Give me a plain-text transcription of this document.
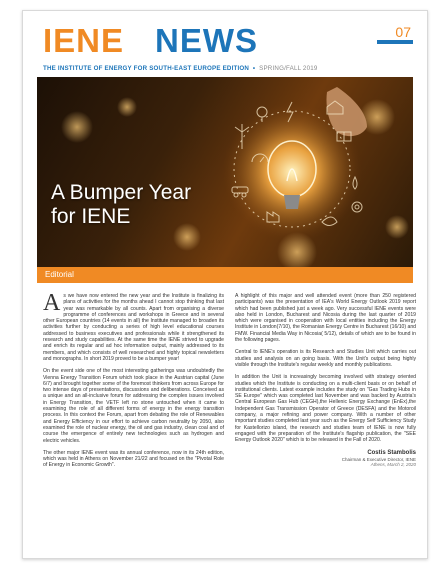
IENE NEWS	07
THE INSTITUTE OF ENERGY FOR SOUTH-EAST EUROPE EDITION  •  SPRING/FALL 2019
A Bumper Year
for IENE
Editorial

As we have now entered the new year and the Institute is finalizing its plans of activities for the months ahead I cannot stop thinking that last year was remarkable by all counts. Apart from organising a diverse programme of conferences and workshops in Greece and in several other European countries (14 events in all) the Institute managed to broaden its activities further by conducting a series of high level educational courses addressed to business executives and professionals while it strengthened its research and study capabilities. At the same time the IENE strived to upgrade and enrich its regular and ad hoc information output, mainly addressed to its members, and which consists of well researched and highly topical newsletters and monographs. In short 2019 proved to be a bumper year!

On the event side one of the most interesting gatherings was undoubtedly the Vienna Energy Transition Forum which took place in the Austrian capital (June 6/7) and brought together some of the foremost thinkers from across Europe for two intense days of presentations, discussions and deliberations. Conceived as a unique and an all-inclusive forum for addressing the complex issues involved in Energy Transition, the VETF left no stone untouched when it came to examining the role of all different forms of energy in the energy transition process. In this context the Forum, apart from debating the role of Renewables and Energy Efficiency in our effort to achieve carbon neutrality by 2050, also examined the role of nuclear energy, the oil and gas industry, clean coal and of course the emergence of entirely new technologies such as hydrogen and electric vehicles.

The other major IENE event was its annual conference, now in its 24th edition, which was held in Athens on November 21/22 and focused on the "Pivotal Role of Energy in Economic Growth".

A highlight of this major and well attended event (more than 250 registered participants) was the presentation of IEA's World Energy Outlook 2019 report which had been published just a week ago. Very successful IENE events were also held in London, Bucharest and Nicosia during the last quarter of 2019 which were organised in cooperation with local entities including the Energy Institute in London(7/10), the Romanian Energy Centre in Bucharest (16/10) and FMW. Financial Media Way in Nicosia( 5/12), details of which are to be found in the following pages.

Central to IENE's operation is its Research and Studies Unit which carries out studies and analysis on an going basis. With the Unit's output being highly visible through the Institute's regular weekly and monthly publications.

In addition the Unit is increasingly becoming involved with strategy oriented studies which the Institute is conducting on a multi-client basis or on behalf of institutional clients. Latest example includes the study on "Gas Trading Hubs in SE Europe" which was completed last November and was backed by Austria's Central European Gas Hub (CEGH),the Hellenic Energy Exchange (EnEx),the Independent Gas Transmission Operator of Greece (DESFA) and the Motoroil company, a major refining and power company. With a number of other important studies completed last year such as the Energy Self Sufficiency Study for Kastellorizo island, the research and studies team of IENE is now fully engaged with the preparation of the Institute's flagship publication, the "SEE Energy Outlook 2020" which is to be released in the Fall of 2020.

Costis Stambolis
Chairman & Executive Director, IENE
Athens, March 2, 2020
